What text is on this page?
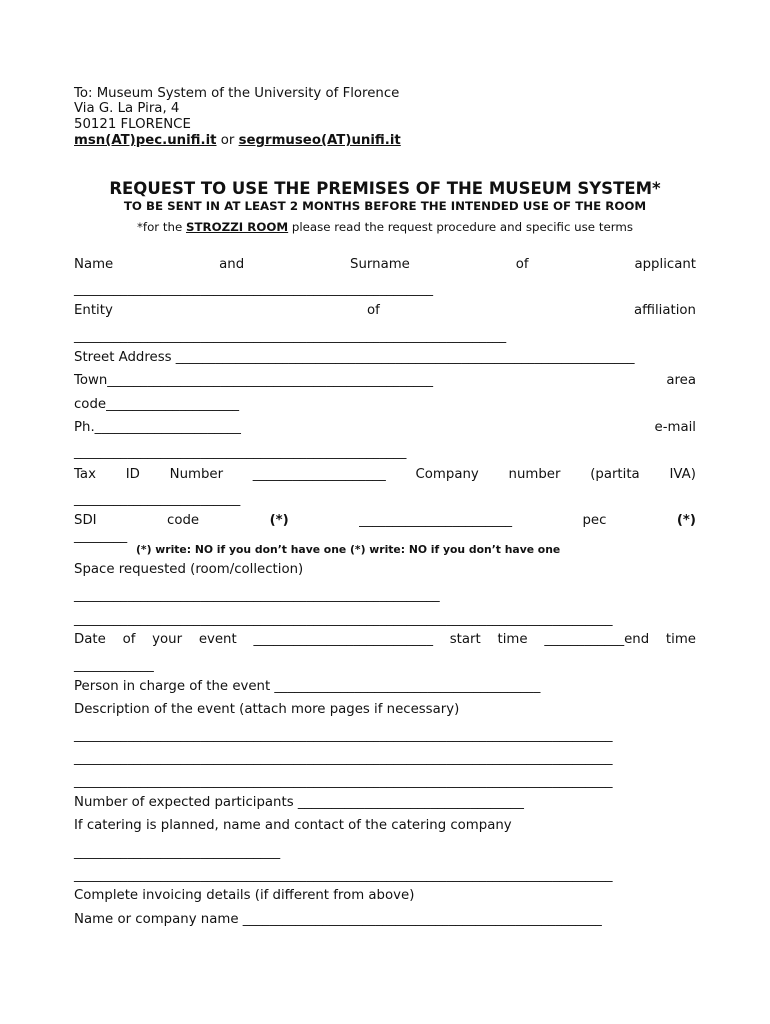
To: Museum System of the University of Florence
Via G. La Pira, 4
50121 FLORENCE
msn(AT)pec.unifi.it or segrmuseo(AT)unifi.it
REQUEST TO USE THE PREMISES OF THE MUSEUM SYSTEM*
TO BE SENT IN AT LEAST 2 MONTHS BEFORE THE INTENDED USE OF THE ROOM
*for the STROZZI ROOM please read the request procedure and specific use terms
Name	and	Surname	of	applicant
______________________________________________________
Entity	of	affiliation
_________________________________________________________________
Street Address _____________________________________________________________________
Town_________________________________________________	area
code____________________
Ph.______________________	e-mail
__________________________________________________
Tax ID Number ____________________ Company number (partita IVA)
_________________________
SDI	code	(*)	_______________________	pec	(*)
________
(*) write: NO if you don’t have one (*) write: NO if you don’t have one
Space requested (room/collection)
_______________________________________________________
_________________________________________________________________________________
Date of your event ___________________________ start time ____________end time
____________
Person in charge of the event ________________________________________
Description of the event (attach more pages if necessary)
_________________________________________________________________________________
_________________________________________________________________________________
_________________________________________________________________________________
Number of expected participants __________________________________
If catering is planned, name and contact of the catering company
_______________________________
_________________________________________________________________________________
Complete invoicing details (if different from above)
Name or company name ______________________________________________________
